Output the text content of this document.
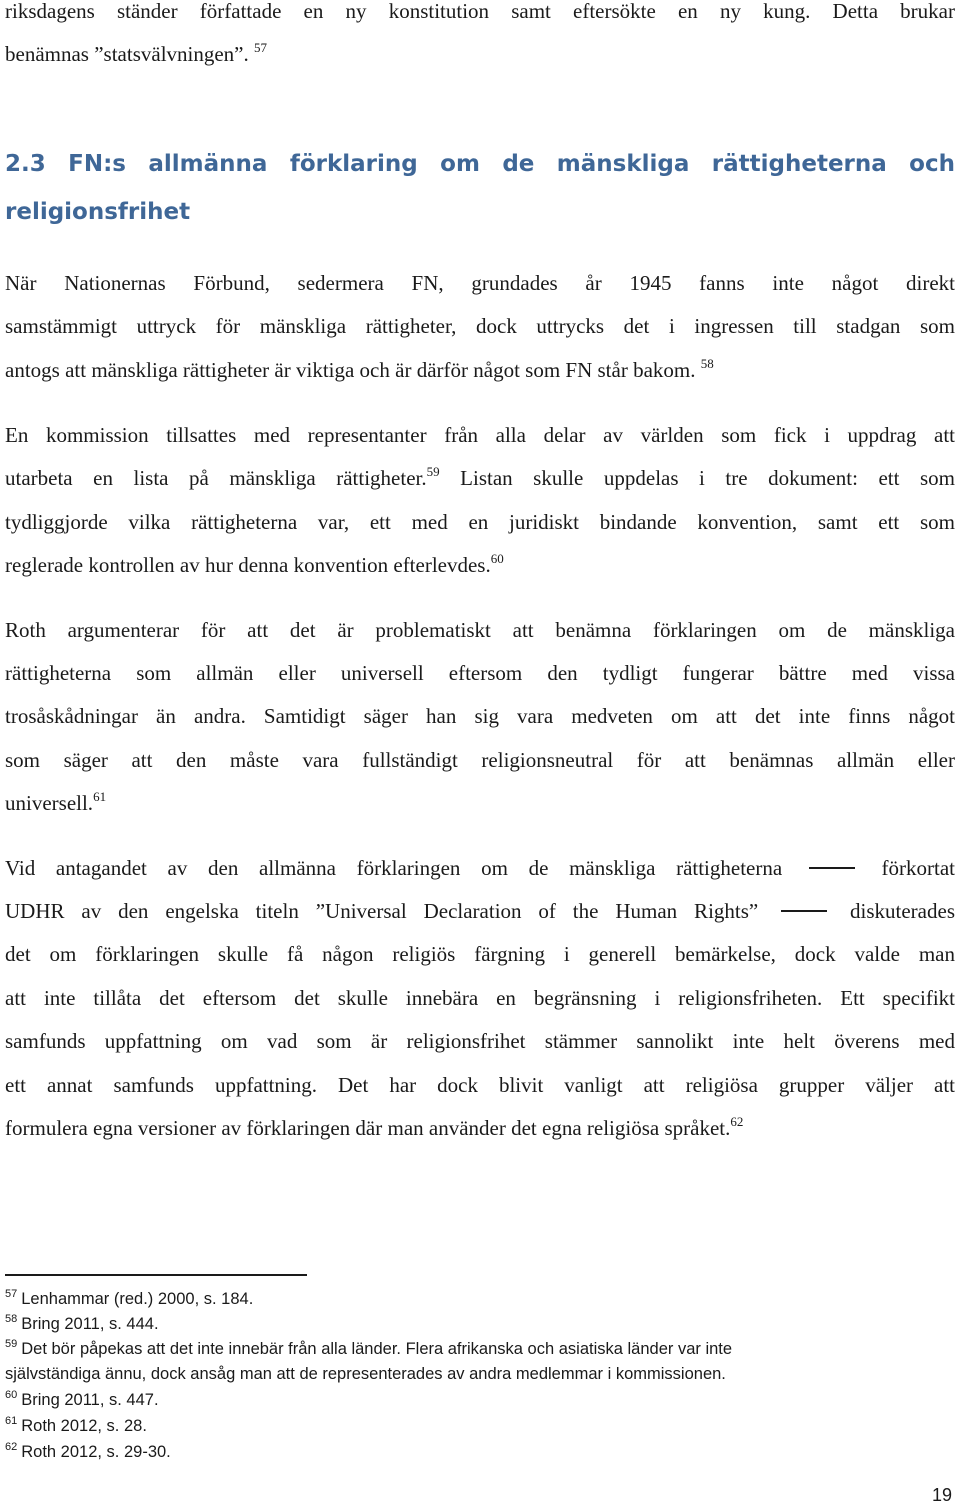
riksdagens ständer författade en ny konstitution samt eftersökte en ny kung. Detta brukar
benämnas ”statsvälvningen”. $^{57}$
2.3 FN:s allmänna förklaring om de mänskliga rättigheterna och
religionsfrihet
När Nationernas Förbund, sedermera FN, grundades år 1945 fanns inte något direkt
samstämmigt uttryck för mänskliga rättigheter, dock uttrycks det i ingressen till stadgan som
antogs att mänskliga rättigheter är viktiga och är därför något som FN står bakom. $^{58}$
En kommission tillsattes med representanter från alla delar av världen som fick i uppdrag att
utarbeta en lista på mänskliga rättigheter.$^{59}$ Listan skulle uppdelas i tre dokument: ett som
tydliggjorde vilka rättigheterna var, ett med en juridiskt bindande konvention, samt ett som
reglerade kontrollen av hur denna konvention efterlevdes.$^{60}$
Roth argumenterar för att det är problematiskt att benämna förklaringen om de mänskliga
rättigheterna som allmän eller universell eftersom den tydligt fungerar bättre med vissa
trosåskådningar än andra. Samtidigt säger han sig vara medveten om att det inte finns något
som säger att den måste vara fullständigt religionsneutral för att benämnas allmän eller
universell.$^{61}$
Vid antagandet av den allmänna förklaringen om de mänskliga rättigheterna	förkortat
UDHR av den engelska titeln ”Universal Declaration of the Human Rights”	diskuterades
det om förklaringen skulle få någon religiös färgning i generell bemärkelse, dock valde man
att inte tillåta det eftersom det skulle innebära en begränsning i religionsfriheten. Ett specifikt
samfunds uppfattning om vad som är religionsfrihet stämmer sannolikt inte helt överens med
ett annat samfunds uppfattning. Det har dock blivit vanligt att religiösa grupper väljer att
formulera egna versioner av förklaringen där man använder det egna religiösa språket.$^{62}$
$^{57}$ Lenhammar (red.) 2000, s. 184.
$^{58}$ Bring 2011, s. 444.
$^{59}$ Det bör påpekas att det inte innebär från alla länder. Flera afrikanska och asiatiska länder var inte
självständiga ännu, dock ansåg man att de representerades av andra medlemmar i kommissionen.
$^{60}$ Bring 2011, s. 447.
$^{61}$ Roth 2012, s. 28.
$^{62}$ Roth 2012, s. 29-30.
19
